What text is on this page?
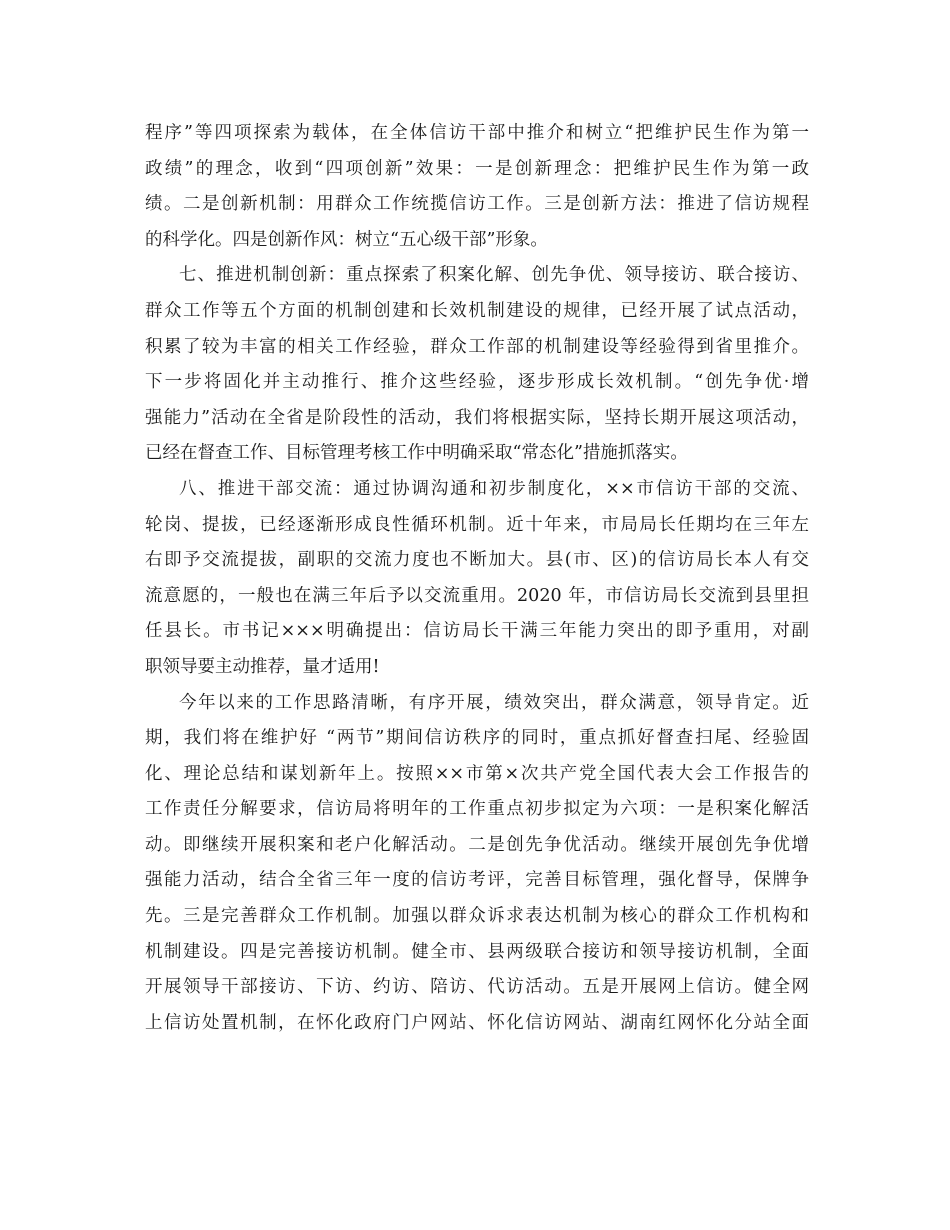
程序”等四项探索为载体，在全体信访干部中推介和树立“把维护民生作为第一
政绩”的理念，收到“四项创新”效果：一是创新理念：把维护民生作为第一政
绩。二是创新机制：用群众工作统揽信访工作。三是创新方法：推进了信访规程
的科学化。四是创新作风：树立“五心级干部”形象。
七、推进机制创新：重点探索了积案化解、创先争优、领导接访、联合接访、
群众工作等五个方面的机制创建和长效机制建设的规律，已经开展了试点活动，
积累了较为丰富的相关工作经验，群众工作部的机制建设等经验得到省里推介。
下一步将固化并主动推行、推介这些经验，逐步形成长效机制。“创先争优·增
强能力”活动在全省是阶段性的活动，我们将根据实际，坚持长期开展这项活动，
已经在督查工作、目标管理考核工作中明确采取“常态化”措施抓落实。
八、推进干部交流：通过协调沟通和初步制度化，××市信访干部的交流、
轮岗、提拔，已经逐渐形成良性循环机制。近十年来，市局局长任期均在三年左
右即予交流提拔，副职的交流力度也不断加大。县(市、区)的信访局长本人有交
流意愿的，一般也在满三年后予以交流重用。2020 年，市信访局长交流到县里担
任县长。市书记×××明确提出：信访局长干满三年能力突出的即予重用，对副
职领导要主动推荐，量才适用!
今年以来的工作思路清晰，有序开展，绩效突出，群众满意，领导肯定。近
期，我们将在维护好 “两节”期间信访秩序的同时，重点抓好督查扫尾、经验固
化、理论总结和谋划新年上。按照××市第×次共产党全国代表大会工作报告的
工作责任分解要求，信访局将明年的工作重点初步拟定为六项：一是积案化解活
动。即继续开展积案和老户化解活动。二是创先争优活动。继续开展创先争优增
强能力活动，结合全省三年一度的信访考评，完善目标管理，强化督导，保牌争
先。三是完善群众工作机制。加强以群众诉求表达机制为核心的群众工作机构和
机制建设。四是完善接访机制。健全市、县两级联合接访和领导接访机制，全面
开展领导干部接访、下访、约访、陪访、代访活动。五是开展网上信访。健全网
上信访处置机制，在怀化政府门户网站、怀化信访网站、湖南红网怀化分站全面
